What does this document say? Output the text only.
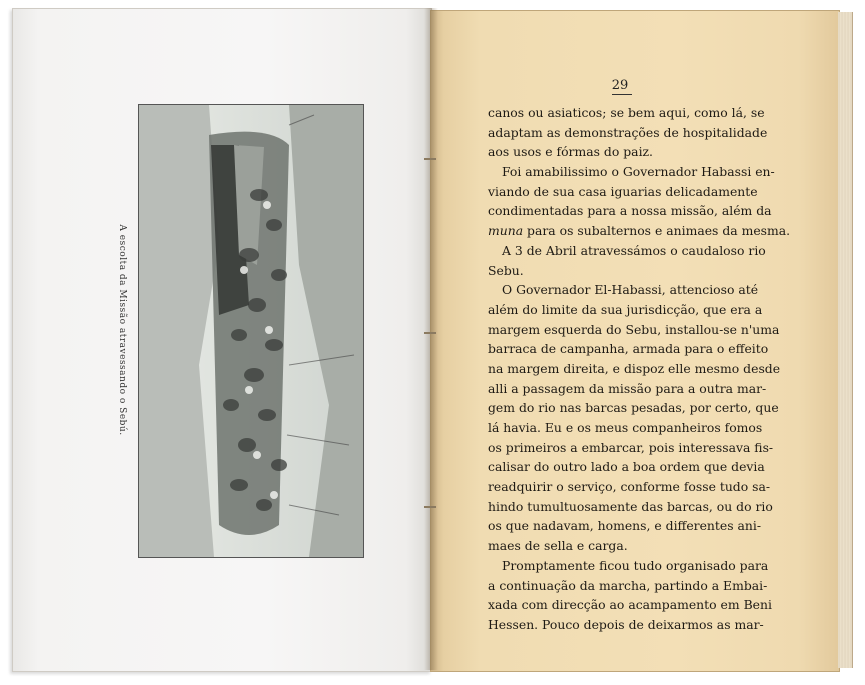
A escolta da Missão atravessando o Sebú.
29
canos ou asiaticos; se bem aqui, como lá, se
adaptam as demonstrações de hospitalidade
aos usos e fórmas do paiz.
Foi amabilissimo o Governador Habassi en-
viando de sua casa iguarias delicadamente
condimentadas para a nossa missão, além da
muna para os subalternos e animaes da mesma.
A 3 de Abril atravessámos o caudaloso rio
Sebu.
O Governador El-Habassi, attencioso até
além do limite da sua jurisdicção, que era a
margem esquerda do Sebu, installou-se n'uma
barraca de campanha, armada para o effeito
na margem direita, e dispoz elle mesmo desde
alli a passagem da missão para a outra mar-
gem do rio nas barcas pesadas, por certo, que
lá havia. Eu e os meus companheiros fomos
os primeiros a embarcar, pois interessava fis-
calisar do outro lado a boa ordem que devia
readquirir o serviço, conforme fosse tudo sa-
hindo tumultuosamente das barcas, ou do rio
os que nadavam, homens, e differentes ani-
maes de sella e carga.
Promptamente ficou tudo organisado para
a continuação da marcha, partindo a Embai-
xada com direcção ao acampamento em Beni
Hessen. Pouco depois de deixarmos as mar-
